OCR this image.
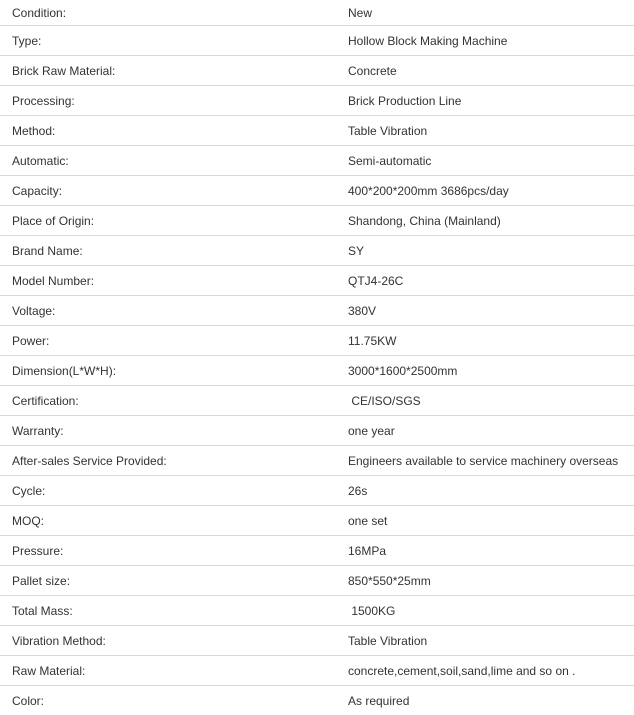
Condition:	New
Type:	Hollow Block Making Machine
Brick Raw Material:	Concrete
Processing:	Brick Production Line
Method:	Table Vibration
Automatic:	Semi-automatic
Capacity:	400*200*200mm 3686pcs/day
Place of Origin:	Shandong, China (Mainland)
Brand Name:	SY
Model Number:	QTJ4-26C
Voltage:	380V
Power:	11.75KW
Dimension(L*W*H):	3000*1600*2500mm
Certification:	CE/ISO/SGS
Warranty:	one year
After-sales Service Provided:	Engineers available to service machinery overseas
Cycle:	26s
MOQ:	one set
Pressure:	16MPa
Pallet size:	850*550*25mm
Total Mass:	1500KG
Vibration Method:	Table Vibration
Raw Material:	concrete,cement,soil,sand,lime and so on .
Color:	As required
